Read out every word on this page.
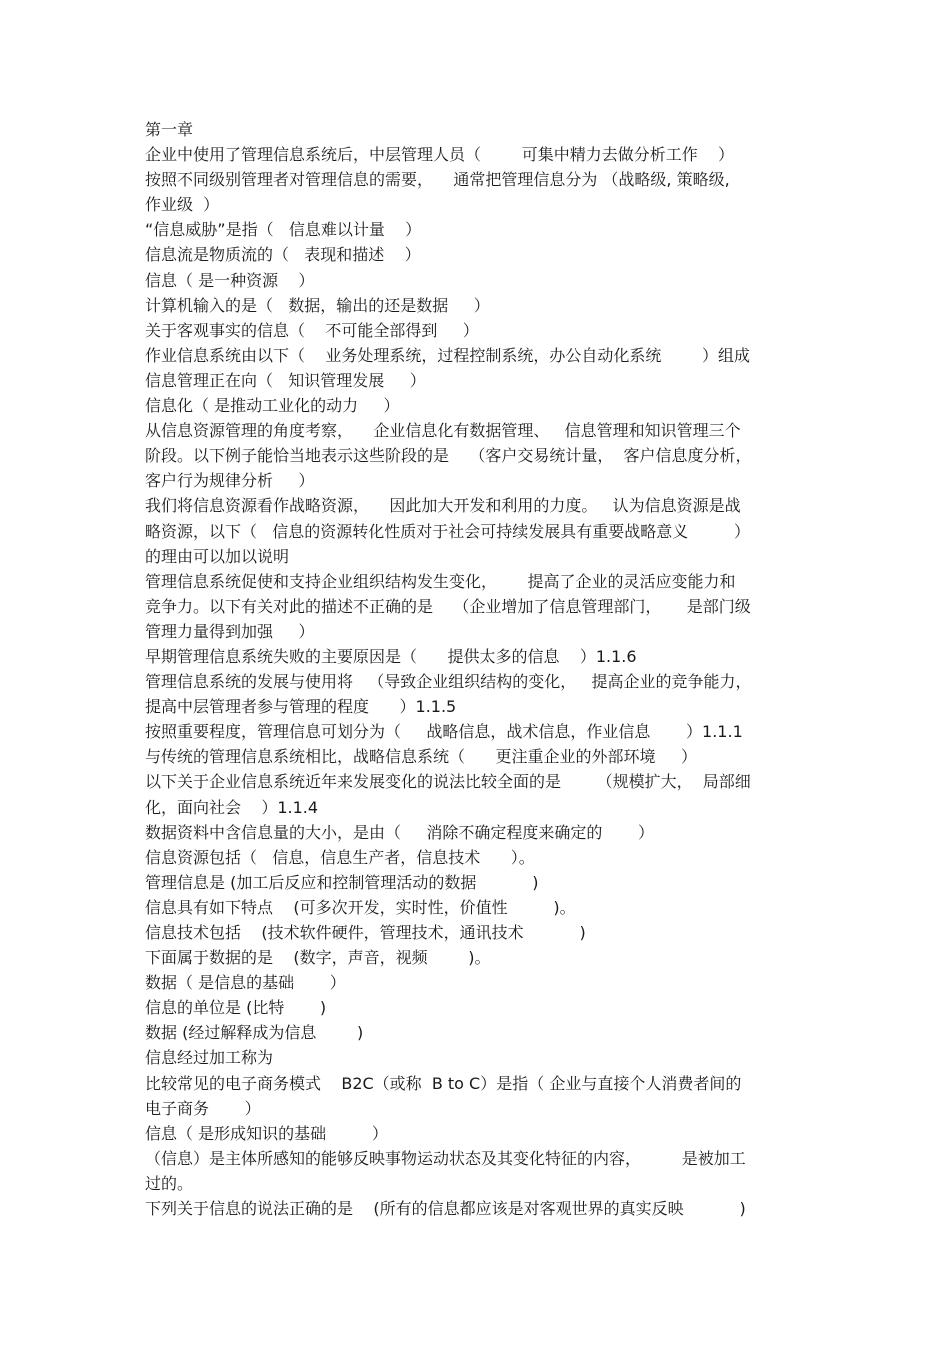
第一章
企业中使用了管理信息系统后，中层管理人员（        可集中精力去做分析工作    ）
按照不同级别管理者对管理信息的需要，    通常把管理信息分为 （战略级, 策略级,
作业级  ）
“信息威胁”是指（   信息难以计量    ）
信息流是物质流的（   表现和描述    ）
信息（ 是一种资源    ）
计算机输入的是（   数据，输出的还是数据     ）
关于客观事实的信息（    不可能全部得到     ）
作业信息系统由以下（    业务处理系统，过程控制系统，办公自动化系统        ）组成
信息管理正在向（   知识管理发展     ）
信息化（ 是推动工业化的动力     ）
从信息资源管理的角度考察，    企业信息化有数据管理、   信息管理和知识管理三个
阶段。以下例子能恰当地表示这些阶段的是    （客户交易统计量，  客户信息度分析，
客户行为规律分析     ）
我们将信息资源看作战略资源，    因此加大开发和利用的力度。   认为信息资源是战
略资源，以下（   信息的资源转化性质对于社会可持续发展具有重要战略意义         ）
的理由可以加以说明
管理信息系统促使和支持企业组织结构发生变化，      提高了企业的灵活应变能力和
竞争力。以下有关对此的描述不正确的是    （企业增加了信息管理部门，     是部门级
管理力量得到加强     ）
早期管理信息系统失败的主要原因是（      提供太多的信息    ）1.1.6
管理信息系统的发展与使用将   （导致企业组织结构的变化，   提高企业的竞争能力，
提高中层管理者参与管理的程度      ）1.1.5
按照重要程度，管理信息可划分为（     战略信息，战术信息，作业信息       ）1.1.1
与传统的管理信息系统相比，战略信息系统（      更注重企业的外部环境     ）
以下关于企业信息系统近年来发展变化的说法比较全面的是       （规模扩大，  局部细
化，面向社会    ）1.1.4
数据资料中含信息量的大小，是由（     消除不确定程度来确定的       ）
信息资源包括（   信息，信息生产者，信息技术      ）。
管理信息是 (加工后反应和控制管理活动的数据           )
信息具有如下特点    (可多次开发，实时性，价值性         )。
信息技术包括    (技术软件硬件，管理技术，通讯技术           )
下面属于数据的是    (数字，声音，视频        )。
数据（ 是信息的基础       ）
信息的单位是 (比特       )
数据 (经过解释成为信息        )
信息经过加工称为
比较常见的电子商务模式    B2C（或称  B to C）是指（ 企业与直接个人消费者间的
电子商务       ）
信息（ 是形成知识的基础         ）
（信息）是主体所感知的能够反映事物运动状态及其变化特征的内容，        是被加工
过的。
下列关于信息的说法正确的是    (所有的信息都应该是对客观世界的真实反映           )
